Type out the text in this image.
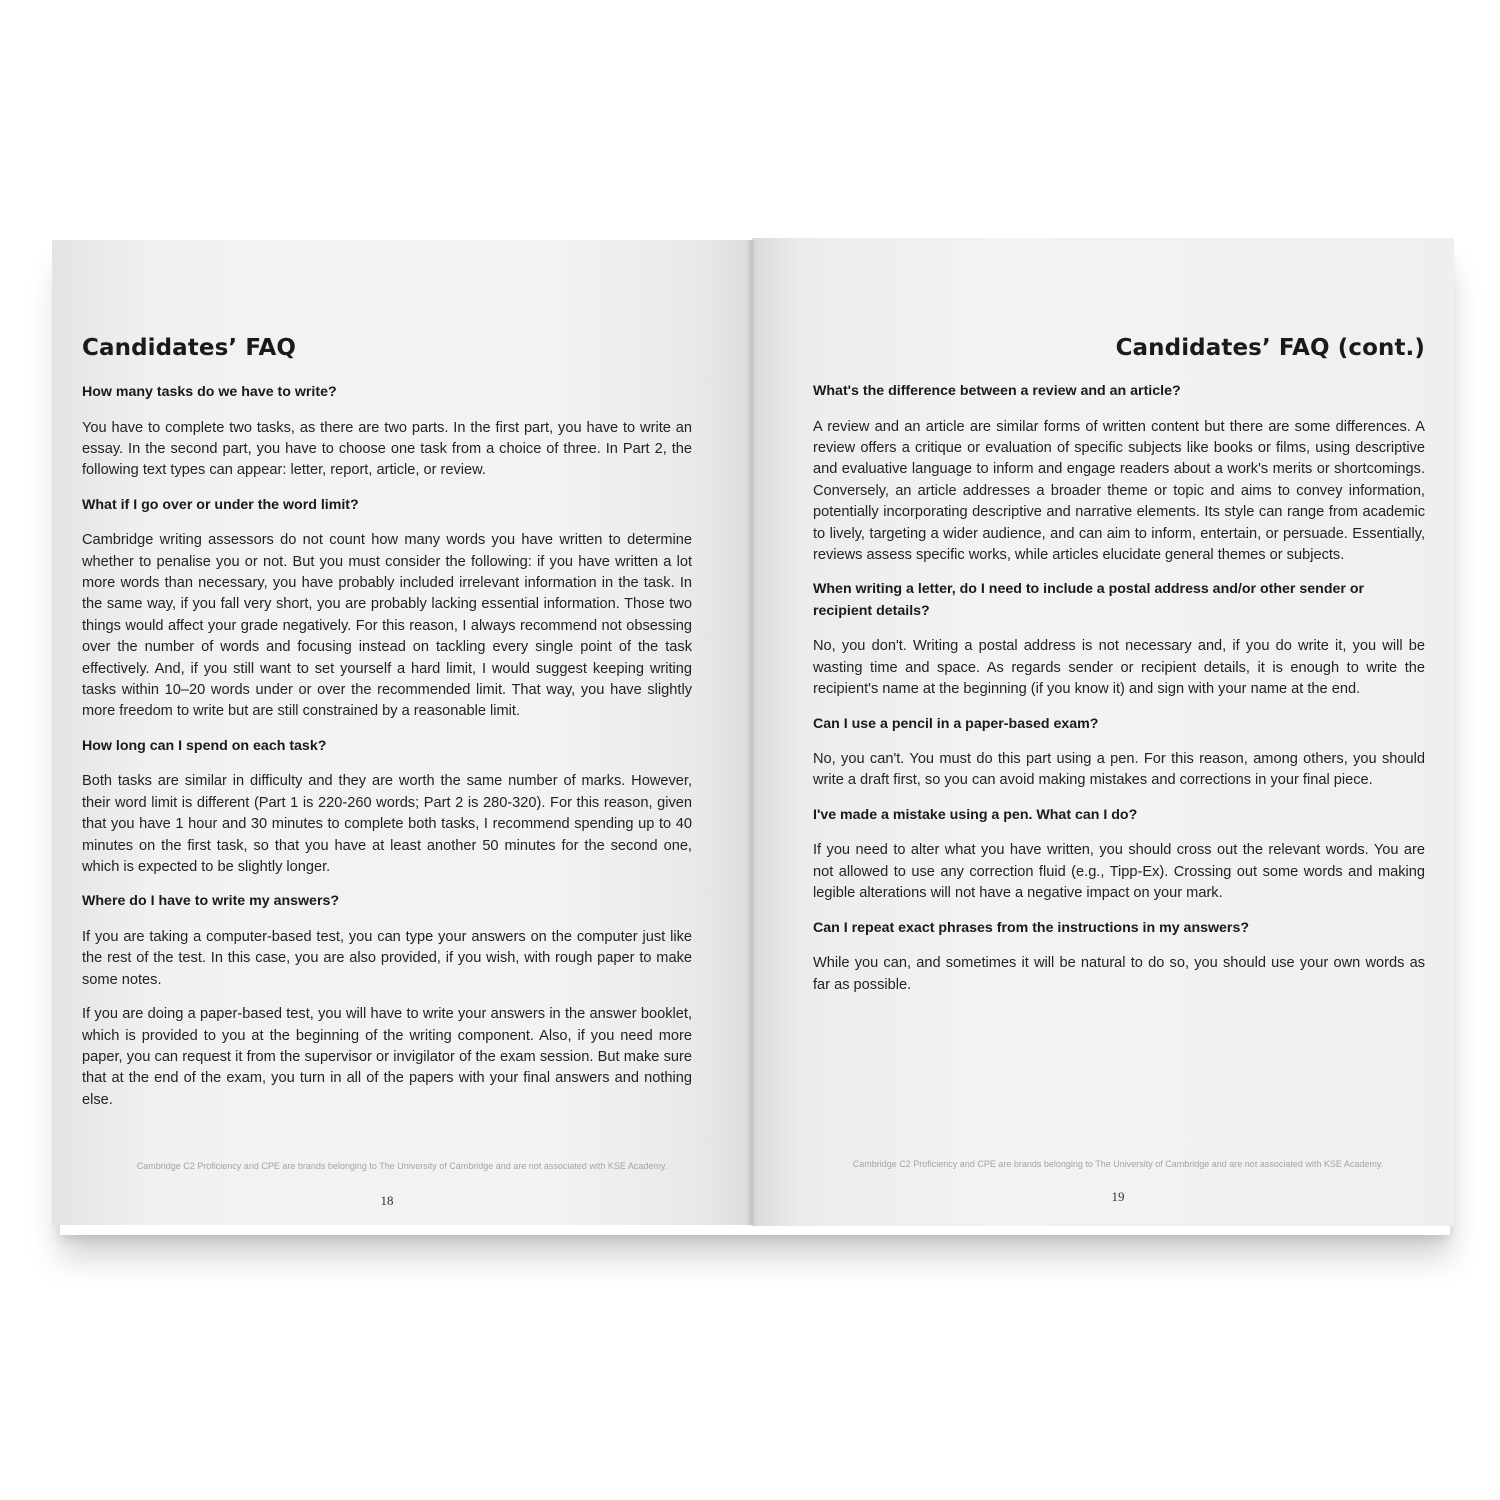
Candidates’ FAQ

How many tasks do we have to write?

You have to complete two tasks, as there are two parts. In the first part, you have to write an essay. In the second part, you have to choose one task from a choice of three. In Part 2, the following text types can appear: letter, report, article, or review.

What if I go over or under the word limit?

Cambridge writing assessors do not count how many words you have written to determine whether to penalise you or not. But you must consider the following: if you have written a lot more words than necessary, you have probably included irrelevant information in the task. In the same way, if you fall very short, you are probably lacking essential information. Those two things would affect your grade negatively. For this reason, I always recommend not obsessing over the number of words and focusing instead on tackling every single point of the task effectively. And, if you still want to set yourself a hard limit, I would suggest keeping writing tasks within 10–20 words under or over the recommended limit. That way, you have slightly more freedom to write but are still constrained by a reasonable limit.

How long can I spend on each task?

Both tasks are similar in difficulty and they are worth the same number of marks. However, their word limit is different (Part 1 is 220-260 words; Part 2 is 280-320). For this reason, given that you have 1 hour and 30 minutes to complete both tasks, I recommend spending up to 40 minutes on the first task, so that you have at least another 50 minutes for the second one, which is expected to be slightly longer.

Where do I have to write my answers?

If you are taking a computer-based test, you can type your answers on the computer just like the rest of the test. In this case, you are also provided, if you wish, with rough paper to make some notes.

If you are doing a paper-based test, you will have to write your answers in the answer booklet, which is provided to you at the beginning of the writing component. Also, if you need more paper, you can request it from the supervisor or invigilator of the exam session. But make sure that at the end of the exam, you turn in all of the papers with your final answers and nothing else.

Cambridge C2 Proficiency and CPE are brands belonging to The University of Cambridge and are not associated with KSE Academy.
18
Candidates’ FAQ (cont.)

What's the difference between a review and an article?

A review and an article are similar forms of written content but there are some differences. A review offers a critique or evaluation of specific subjects like books or films, using descriptive and evaluative language to inform and engage readers about a work's merits or shortcomings. Conversely, an article addresses a broader theme or topic and aims to convey information, potentially incorporating descriptive and narrative elements. Its style can range from academic to lively, targeting a wider audience, and can aim to inform, entertain, or persuade. Essentially, reviews assess specific works, while articles elucidate general themes or subjects.

When writing a letter, do I need to include a postal address and/or other sender or recipient details?

No, you don't. Writing a postal address is not necessary and, if you do write it, you will be wasting time and space. As regards sender or recipient details, it is enough to write the recipient's name at the beginning (if you know it) and sign with your name at the end.

Can I use a pencil in a paper-based exam?

No, you can't. You must do this part using a pen. For this reason, among others, you should write a draft first, so you can avoid making mistakes and corrections in your final piece.

I've made a mistake using a pen. What can I do?

If you need to alter what you have written, you should cross out the relevant words. You are not allowed to use any correction fluid (e.g., Tipp-Ex). Crossing out some words and making legible alterations will not have a negative impact on your mark.

Can I repeat exact phrases from the instructions in my answers?

While you can, and sometimes it will be natural to do so, you should use your own words as far as possible.

Cambridge C2 Proficiency and CPE are brands belonging to The University of Cambridge and are not associated with KSE Academy.
19
